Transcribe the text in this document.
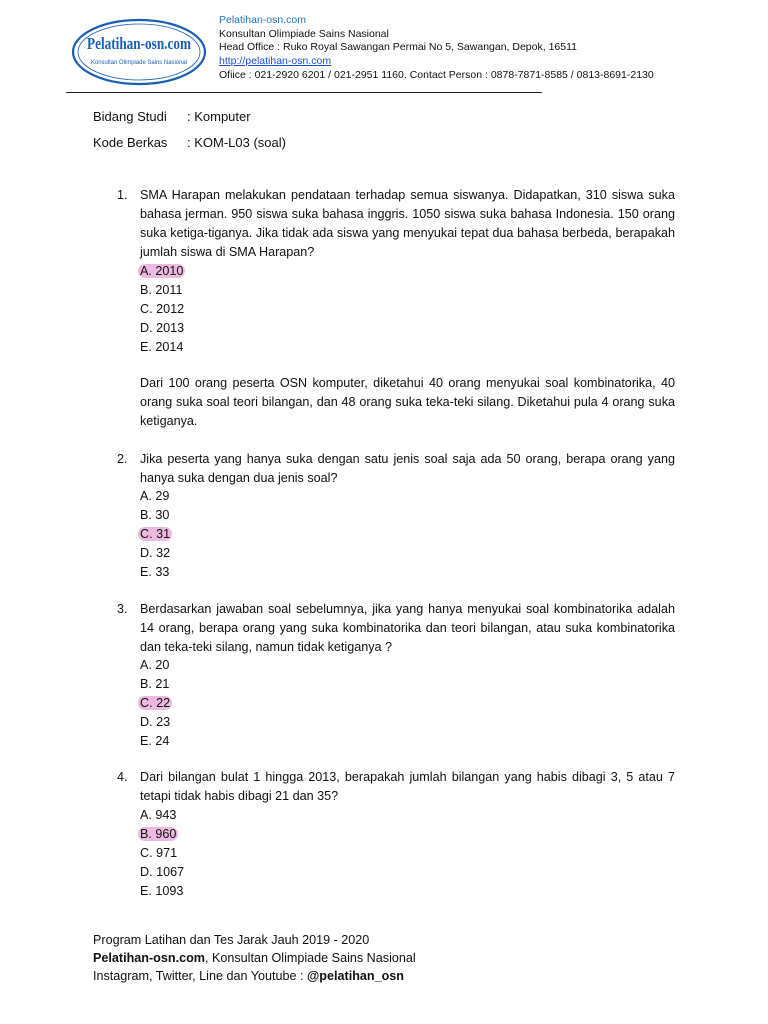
Pelatihan-osn.com
Konsultan Olimpiade Sains Nasional
Pelatihan-osn.com
Konsultan Olimpiade Sains Nasional
Head Office : Ruko Royal Sawangan Permai No 5, Sawangan, Depok, 16511
http://pelatihan-osn.com
Ofiice : 021-2920 6201 / 021-2951 1160. Contact Person : 0878-7871-8585 / 0813-8691-2130
Bidang Studi : Komputer
Kode Berkas : KOM-L03 (soal)
1. SMA Harapan melakukan pendataan terhadap semua siswanya. Didapatkan, 310 siswa suka bahasa jerman. 950 siswa suka bahasa inggris. 1050 siswa suka bahasa Indonesia. 150 orang suka ketiga-tiganya. Jika tidak ada siswa yang menyukai tepat dua bahasa berbeda, berapakah jumlah siswa di SMA Harapan?
A. 2010
B. 2011
C. 2012
D. 2013
E. 2014
Dari 100 orang peserta OSN komputer, diketahui 40 orang menyukai soal kombinatorika, 40 orang suka soal teori bilangan, dan 48 orang suka teka-teki silang. Diketahui pula 4 orang suka ketiganya.
2. Jika peserta yang hanya suka dengan satu jenis soal saja ada 50 orang, berapa orang yang hanya suka dengan dua jenis soal?
A. 29
B. 30
C. 31
D. 32
E. 33
3. Berdasarkan jawaban soal sebelumnya, jika yang hanya menyukai soal kombinatorika adalah 14 orang, berapa orang yang suka kombinatorika dan teori bilangan, atau suka kombinatorika dan teka-teki silang, namun tidak ketiganya ?
A. 20
B. 21
C. 22
D. 23
E. 24
4. Dari bilangan bulat 1 hingga 2013, berapakah jumlah bilangan yang habis dibagi 3, 5 atau 7 tetapi tidak habis dibagi 21 dan 35?
A. 943
B. 960
C. 971
D. 1067
E. 1093
Program Latihan dan Tes Jarak Jauh 2019 - 2020
Pelatihan-osn.com, Konsultan Olimpiade Sains Nasional
Instagram, Twitter, Line dan Youtube : @pelatihan_osn
